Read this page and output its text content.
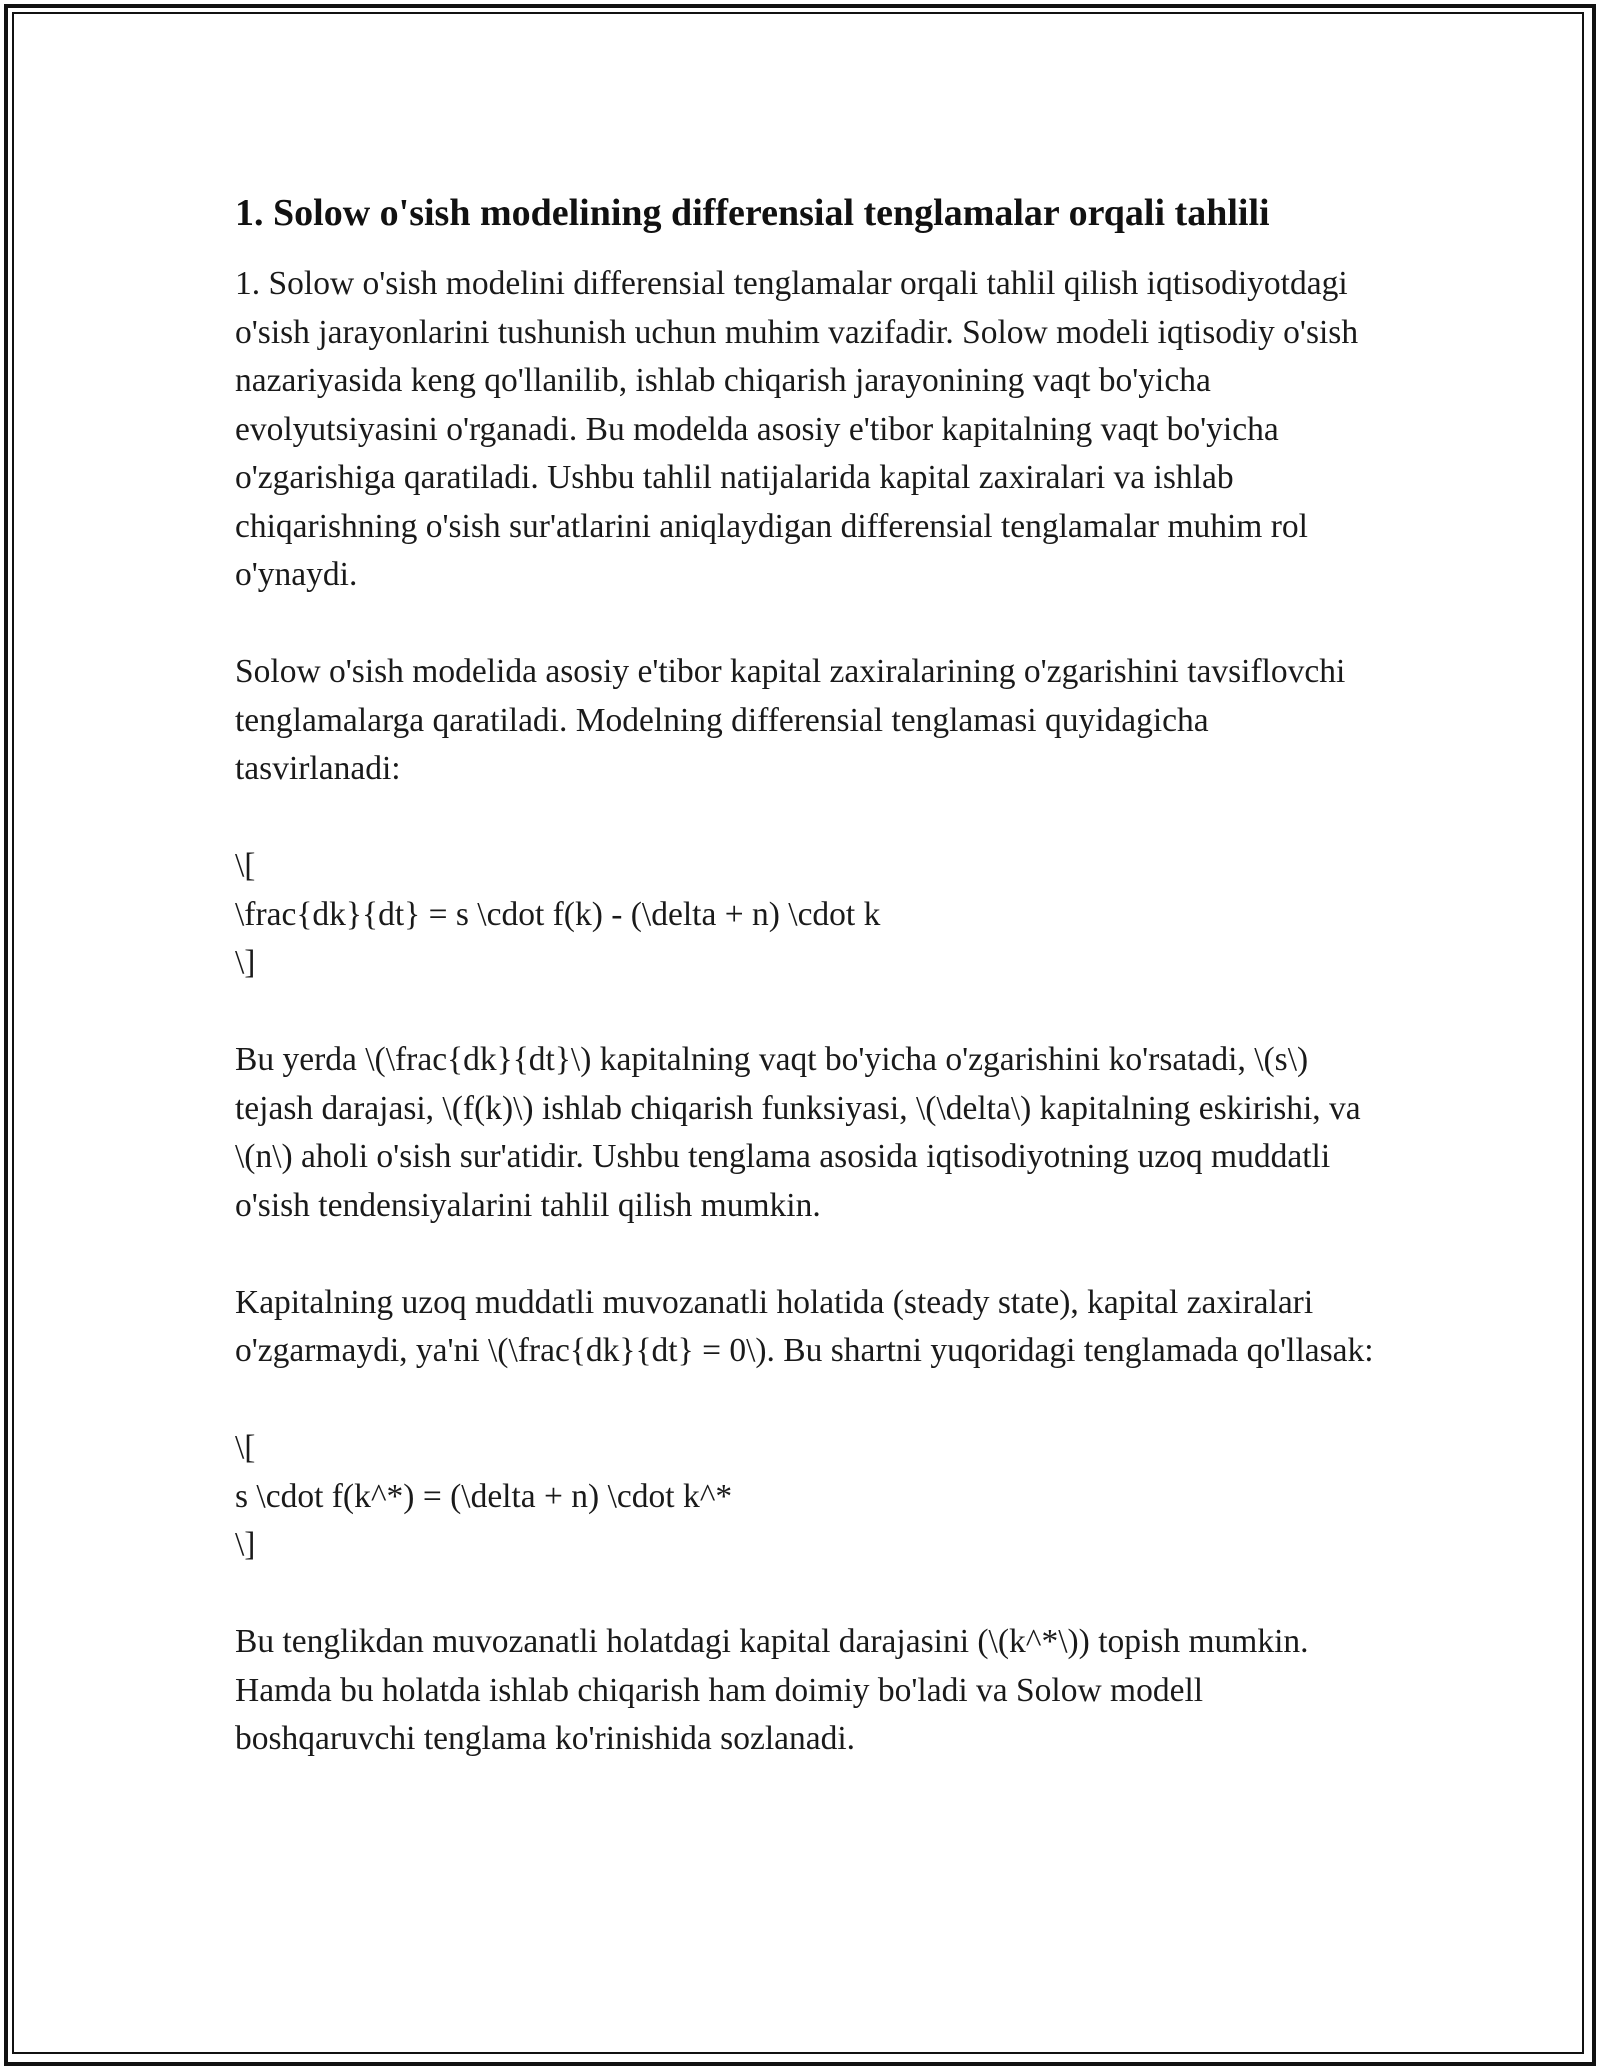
1. Solow o'sish modelining differensial tenglamalar orqali tahlili

1. Solow o'sish modelini differensial tenglamalar orqali tahlil qilish iqtisodiyotdagi o'sish jarayonlarini tushunish uchun muhim vazifadir. Solow modeli iqtisodiy o'sish nazariyasida keng qo'llanilib, ishlab chiqarish jarayonining vaqt bo'yicha evolyutsiyasini o'rganadi. Bu modelda asosiy e'tibor kapitalning vaqt bo'yicha o'zgarishiga qaratiladi. Ushbu tahlil natijalarida kapital zaxiralari va ishlab chiqarishning o'sish sur'atlarini aniqlaydigan differensial tenglamalar muhim rol o'ynaydi.

Solow o'sish modelida asosiy e'tibor kapital zaxiralarining o'zgarishini tavsiflovchi tenglamalarga qaratiladi. Modelning differensial tenglamasi quyidagicha tasvirlanadi:

\[
\frac{dk}{dt} = s \cdot f(k) - (\delta + n) \cdot k
\]

Bu yerda \(\frac{dk}{dt}\) kapitalning vaqt bo'yicha o'zgarishini ko'rsatadi, \(s\) tejash darajasi, \(f(k)\) ishlab chiqarish funksiyasi, \(\delta\) kapitalning eskirishi, va \(n\) aholi o'sish sur'atidir. Ushbu tenglama asosida iqtisodiyotning uzoq muddatli o'sish tendensiyalarini tahlil qilish mumkin.

Kapitalning uzoq muddatli muvozanatli holatida (steady state), kapital zaxiralari o'zgarmaydi, ya'ni \(\frac{dk}{dt} = 0\). Bu shartni yuqoridagi tenglamada qo'llasak:

\[
s \cdot f(k^*) = (\delta + n) \cdot k^*
\]

Bu tenglikdan muvozanatli holatdagi kapital darajasini (\(k^*\)) topish mumkin. Hamda bu holatda ishlab chiqarish ham doimiy bo'ladi va Solow modell boshqaruvchi tenglama ko'rinishida sozlanadi.
